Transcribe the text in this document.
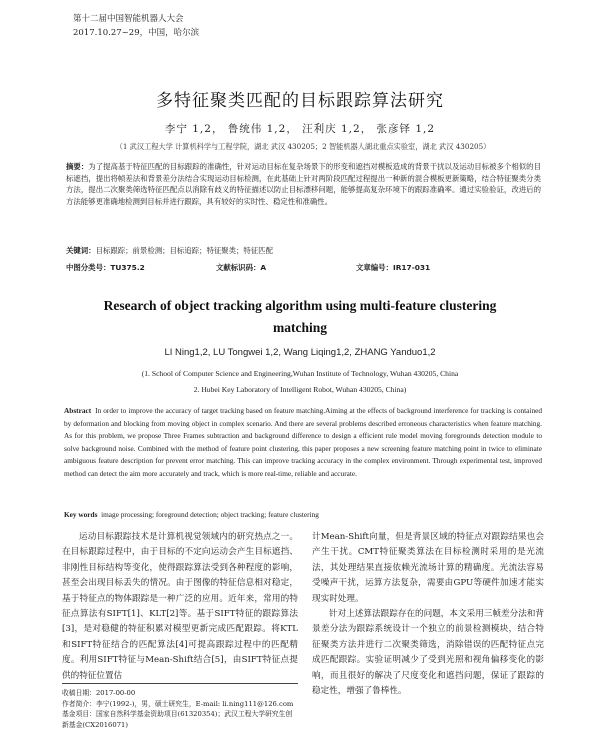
第十二届中国智能机器人大会
2017.10.27~29，中国，哈尔滨
多特征聚类匹配的目标跟踪算法研究
李宁 1,2， 鲁统伟 1,2， 汪利庆 1,2， 张彦铎 1,2
（1 武汉工程大学 计算机科学与工程学院，湖北 武汉 430205；2 智能机器人湖北重点实验室，湖北 武汉 430205）
摘要：为了提高基于特征匹配的目标跟踪的准确性，针对运动目标在复杂场景下的形变和遮挡对模板造成的背景干扰以及运动目标被多个相似的目标遮挡，提出将帧差法和背景差分法结合实现运动目标检测，在此基础上针对两阶段匹配过程提出一种新的混合模板更新策略，结合特征聚类分类方法，提出二次聚类筛选特征匹配点以消除有歧义的特征描述以防止目标漂移问题，能够提高复杂环境下的跟踪准确率。通过实验验证，改进后的方法能够更准确地检测到目标并进行跟踪，具有较好的实时性、稳定性和准确性。
关键词：目标跟踪；前景检测；目标追踪；特征聚类；特征匹配
中图分类号：TU375.2	文献标识码：A	文章编号：IR17-031
Research of object tracking algorithm using multi-feature clustering matching
LI Ning1,2, LU Tongwei 1,2, Wang Liqing1,2, ZHANG Yanduo1,2
(1. School of Computer Science and Engineering,Wuhan Institute of Technology, Wuhan 430205, China
2. Hubei Key Laboratory of Intelligent Robot, Wuhan 430205, China)
Abstract In order to improve the accuracy of target tracking based on feature matching.Aiming at the effects of background interference for tracking is contained by deformation and blocking from moving object in complex scenario. And there are several problems described erroneous characteristics when feature matching. As for this problem, we propose Three Frames subtraction and background difference to design a efficient rule model moving foregrounds detection module to solve background noise. Combined with the method of feature point clustering, this paper proposes a new screening feature matching point in twice to eliminate ambiguous feature description for prevent error matching. This can improve tracking accuracy in the complex environment. Through experimental test, improved method can detect the aim more accurately and track, which is more real-time, reliable and accurate.
Key words image processing; foreground detection; object tracking; feature clustering
运动目标跟踪技术是计算机视觉领域内的研究热点之一。在目标跟踪过程中，由于目标的不定向运动会产生目标遮挡、非刚性目标结构等变化，使得跟踪算法受到各种程度的影响，甚至会出现目标丢失的情况。由于图像的特征信息相对稳定，基于特征点的物体跟踪是一种广泛的应用。近年来，常用的特征点算法有SIFT[1]、KLT[2]等。基于SIFT特征的跟踪算法[3]，是对稳健的特征积累对模型更新完成匹配跟踪。将KTL和SIFT特征结合的匹配算法[4]可提高跟踪过程中的匹配精度。利用SIFT特征与Mean-Shift结合[5]，由SIFT特征点提供的特征位置估

计Mean-Shift向量，但是背景区域的特征点对跟踪结果也会产生干扰。CMT特征聚类算法在目标检测时采用的是光流法，其处理结果直接依赖光流场计算的精确度。光流法容易受噪声干扰，运算方法复杂，需要由GPU等硬件加速才能实现实时处理。

针对上述算法跟踪存在的问题，本文采用三帧差分法和背景差分法为跟踪系统设计一个独立的前景检测模块，结合特征聚类方法并进行二次聚类筛选，消除错误的匹配特征点完成匹配跟踪。实验证明减少了受到光照和视角偏移变化的影响，而且很好的解决了尺度变化和遮挡问题，保证了跟踪的稳定性，增强了鲁棒性。

收稿日期：2017-00-00
作者简介：李宁(1992-)，男，硕士研究生，E-mail: li.ning111@126.com
基金项目：国家自然科学基金资助项目(61320354)；武汉工程大学研究生创新基金(CX2016071)
